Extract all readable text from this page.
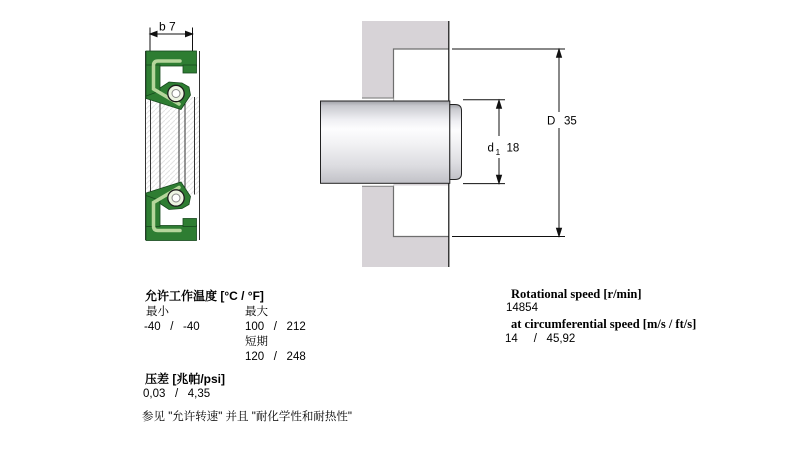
b 7
d 1 18
D 35
允许工作温度 [°C / °F]
最小	最大
-40   /   -40	100   /   212
短期
120   /   248
压差 [兆帕/psi]
0,03   /   4,35
参见 "允许转速" 并且 "耐化学性和耐热性"
Rotational speed [r/min]
14854
at circumferential speed [m/s / ft/s]
14     /   45,92
